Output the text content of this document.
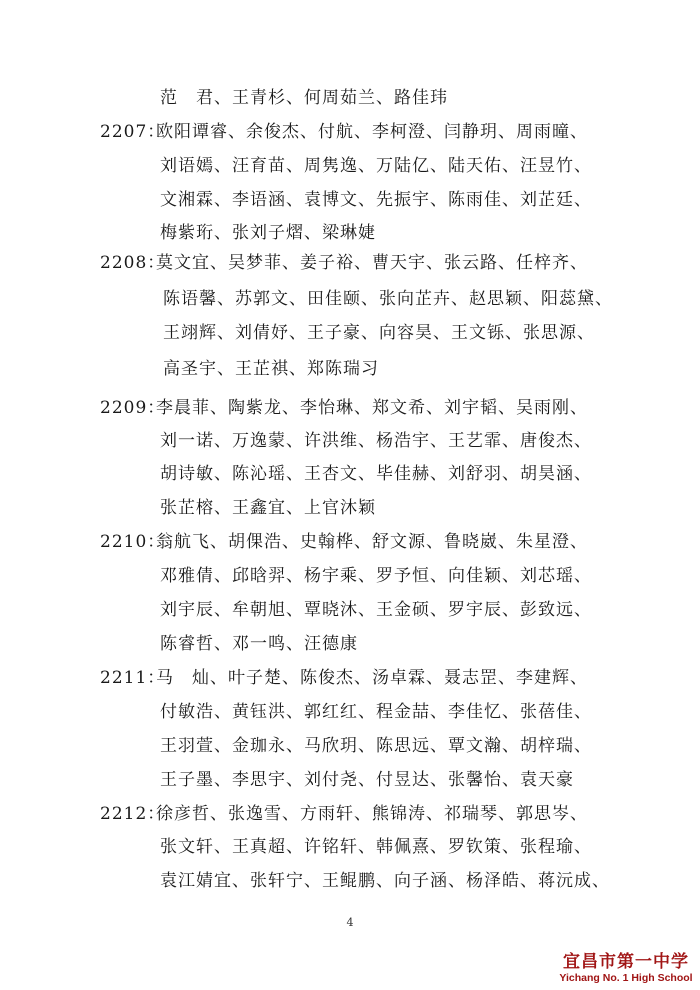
范　君、王青杉、何周茹兰、路佳玮
2207：欧阳谭睿、余俊杰、付航、李柯澄、闫静玥、周雨曈、
刘语嫣、汪育苗、周隽逸、万陆亿、陆天佑、汪昱竹、
文湘霖、李语涵、袁博文、先振宇、陈雨佳、刘芷廷、
梅紫珩、张刘子熠、梁琳婕
2208：莫文宜、吴梦菲、姜子裕、曹天宇、张云路、任梓齐、
陈语馨、苏郭文、田佳颐、张向芷卉、赵思颖、阳蕊黛、
王翊辉、刘倩妤、王子豪、向容昊、王文铄、张思源、
高圣宇、王芷祺、郑陈瑞习
2209：李晨菲、陶紫龙、李怡琳、郑文希、刘宇韬、吴雨刚、
刘一诺、万逸蒙、许洪维、杨浩宇、王艺霏、唐俊杰、
胡诗敏、陈沁瑶、王杏文、毕佳赫、刘舒羽、胡昊涵、
张芷榕、王鑫宜、上官沐颖
2210：翁航飞、胡倮浩、史翰桦、舒文源、鲁晓崴、朱星澄、
邓雅倩、邱晗羿、杨宇乘、罗予恒、向佳颖、刘芯瑶、
刘宇辰、牟朝旭、覃晓沐、王金硕、罗宇辰、彭致远、
陈睿哲、邓一鸣、汪德康
2211：马　灿、叶子楚、陈俊杰、汤卓霖、聂志罡、李建辉、
付敏浩、黄钰洪、郭红红、程金喆、李佳忆、张蓓佳、
王羽萱、金珈永、马欣玥、陈思远、覃文瀚、胡梓瑞、
王子墨、李思宇、刘付尧、付昱达、张馨怡、袁天豪
2212：徐彦哲、张逸雪、方雨轩、熊锦涛、祁瑞琴、郭思岑、
张文轩、王真超、许铭轩、韩佩熹、罗钦策、张程瑜、
袁江婧宜、张轩宁、王鲲鹏、向子涵、杨泽皓、蒋沅成、
4
宜昌市第一中学
Yichang No. 1 High School
